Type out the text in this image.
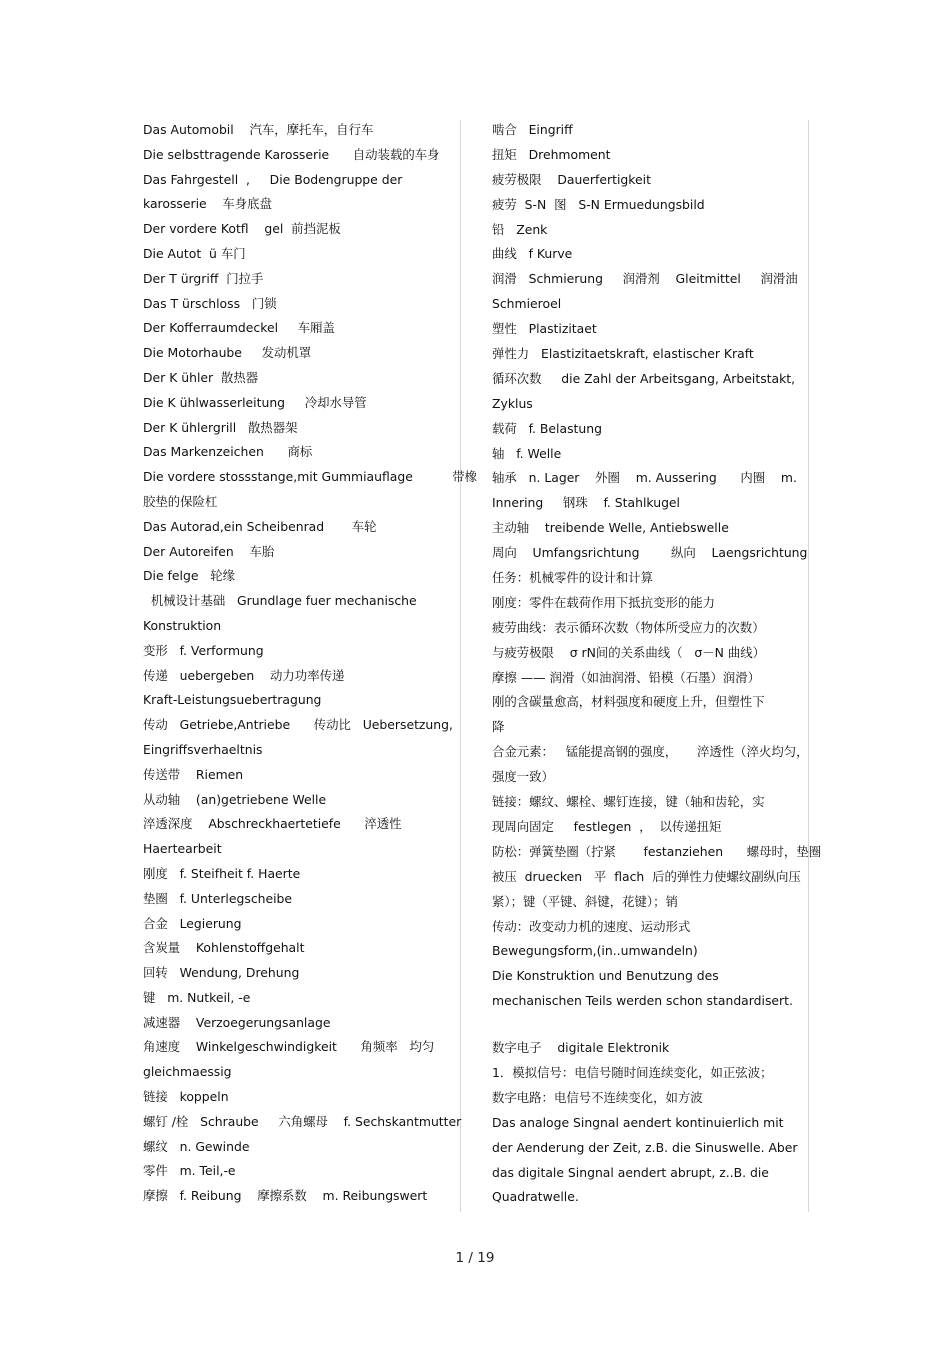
Das Automobil    汽车，摩托车，自行车
Die selbsttragende Karosserie      自动装载的车身
Das Fahrgestell  ,     Die Bodengruppe der
karosserie    车身底盘
Der vordere Kotfl    gel  前挡泥板
Die Autot  ü 车门
Der T ürgriff  门拉手
Das T ürschloss   门锁
Der Kofferraumdeckel     车厢盖
Die Motorhaube     发动机罩
Der K ühler  散热器
Die K ühlwasserleitung     冷却水导管
Der K ühlergrill   散热器架
Das Markenzeichen      商标
Die vordere stossstange,mit Gummiauflage          带橡
胶垫的保险杠
Das Autorad,ein Scheibenrad       车轮
Der Autoreifen    车胎
Die felge   轮缘
机械设计基础   Grundlage fuer mechanische
Konstruktion
变形   f. Verformung
传递   uebergeben    动力功率传递
Kraft-Leistungsuebertragung
传动   Getriebe,Antriebe      传动比   Uebersetzung,
Eingriffsverhaeltnis
传送带    Riemen
从动轴    (an)getriebene Welle
淬透深度    Abschreckhaertetiefe      淬透性
Haertearbeit
刚度   f. Steifheit f. Haerte
垫圈   f. Unterlegscheibe
合金   Legierung
含炭量    Kohlenstoffgehalt
回转   Wendung, Drehung
键   m. Nutkeil, -e
减速器    Verzoegerungsanlage
角速度    Winkelgeschwindigkeit      角频率   均匀
gleichmaessig
链接   koppeln
螺钉 /栓   Schraube     六角螺母    f. Sechskantmutter
螺纹   n. Gewinde
零件   m. Teil,-e
摩擦   f. Reibung    摩擦系数    m. Reibungswert
啮合   Eingriff
扭矩   Drehmoment
疲劳极限    Dauerfertigkeit
疲劳  S-N  图   S-N Ermuedungsbild
铅   Zenk
曲线   f Kurve
润滑   Schmierung     润滑剂    Gleitmittel     润滑油
Schmieroel
塑性   Plastizitaet
弹性力   Elastizitaetskraft, elastischer Kraft
循环次数     die Zahl der Arbeitsgang, Arbeitstakt,
Zyklus
载荷   f. Belastung
轴   f. Welle
轴承   n. Lager    外圈    m. Aussering      内圈    m.
Innering     钢珠    f. Stahlkugel
主动轴    treibende Welle, Antiebswelle
周向    Umfangsrichtung        纵向    Laengsrichtung
任务：机械零件的设计和计算
刚度：零件在载荷作用下抵抗变形的能力
疲劳曲线：表示循环次数（物体所受应力的次数）
与疲劳极限    σ rN间的关系曲线（   σ－N 曲线）
摩擦 —— 润滑（如油润滑、铅模（石墨）润滑）
刚的含碳量愈高，材料强度和硬度上升，但塑性下
降
合金元素：   锰能提高钢的强度，     淬透性（淬火均匀，
强度一致）
链接：螺纹、螺栓、螺钉连接，键（轴和齿轮，实
现周向固定     festlegen  ，  以传递扭矩
防松：弹簧垫圈（拧紧       festanziehen      螺母时，垫圈
被压  druecken   平  flach  后的弹性力使螺纹副纵向压
紧）；键（平键、斜键，花键）；销
传动：改变动力机的速度、运动形式
Bewegungsform,(in..umwandeln)
Die Konstruktion und Benutzung des
mechanischen Teils werden schon standardisert.
数字电子    digitale Elektronik
1．模拟信号：电信号随时间连续变化，如正弦波；
数字电路：电信号不连续变化，如方波
Das analoge Singnal aendert kontinuierlich mit
der Aenderung der Zeit, z.B. die Sinuswelle. Aber
das digitale Singnal aendert abrupt, z..B. die
Quadratwelle.
1 / 19
